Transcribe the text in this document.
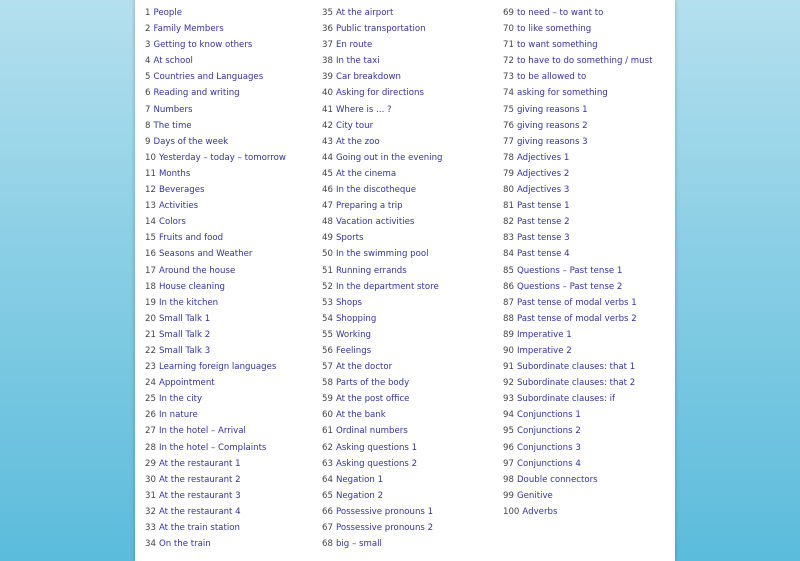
1 People
2 Family Members
3 Getting to know others
4 At school
5 Countries and Languages
6 Reading and writing
7 Numbers
8 The time
9 Days of the week
10 Yesterday – today – tomorrow
11 Months
12 Beverages
13 Activities
14 Colors
15 Fruits and food
16 Seasons and Weather
17 Around the house
18 House cleaning
19 In the kitchen
20 Small Talk 1
21 Small Talk 2
22 Small Talk 3
23 Learning foreign languages
24 Appointment
25 In the city
26 In nature
27 In the hotel – Arrival
28 In the hotel – Complaints
29 At the restaurant 1
30 At the restaurant 2
31 At the restaurant 3
32 At the restaurant 4
33 At the train station
34 On the train
35 At the airport
36 Public transportation
37 En route
38 In the taxi
39 Car breakdown
40 Asking for directions
41 Where is ... ?
42 City tour
43 At the zoo
44 Going out in the evening
45 At the cinema
46 In the discotheque
47 Preparing a trip
48 Vacation activities
49 Sports
50 In the swimming pool
51 Running errands
52 In the department store
53 Shops
54 Shopping
55 Working
56 Feelings
57 At the doctor
58 Parts of the body
59 At the post office
60 At the bank
61 Ordinal numbers
62 Asking questions 1
63 Asking questions 2
64 Negation 1
65 Negation 2
66 Possessive pronouns 1
67 Possessive pronouns 2
68 big – small
69 to need – to want to
70 to like something
71 to want something
72 to have to do something / must
73 to be allowed to
74 asking for something
75 giving reasons 1
76 giving reasons 2
77 giving reasons 3
78 Adjectives 1
79 Adjectives 2
80 Adjectives 3
81 Past tense 1
82 Past tense 2
83 Past tense 3
84 Past tense 4
85 Questions – Past tense 1
86 Questions – Past tense 2
87 Past tense of modal verbs 1
88 Past tense of modal verbs 2
89 Imperative 1
90 Imperative 2
91 Subordinate clauses: that 1
92 Subordinate clauses: that 2
93 Subordinate clauses: if
94 Conjunctions 1
95 Conjunctions 2
96 Conjunctions 3
97 Conjunctions 4
98 Double connectors
99 Genitive
100 Adverbs
